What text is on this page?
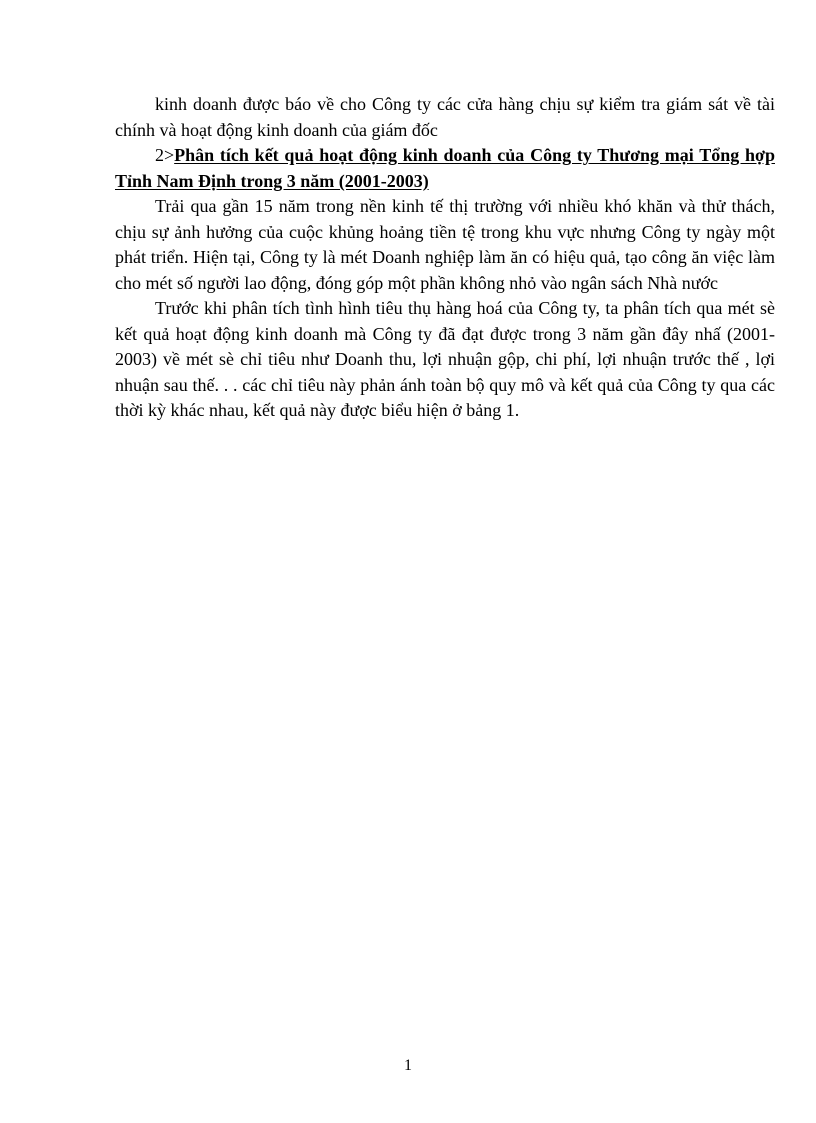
kinh doanh được báo về cho Công ty các cửa hàng chịu sự kiểm tra giám sát về tài chính và hoạt động kinh doanh của giám đốc

2>Phân tích kết quả hoạt động kinh doanh của Công ty Thương mại Tổng hợp Tỉnh Nam Định trong 3 năm (2001-2003)

Trải qua gần 15 năm trong nền kinh tế thị trường với nhiều khó khăn và thử thách, chịu sự ảnh hưởng của cuộc khủng hoảng tiền tệ trong khu vực nhưng Công ty ngày một phát triển. Hiện tại, Công ty là mét Doanh nghiệp làm ăn có hiệu quả, tạo công ăn việc làm cho mét số người lao động, đóng góp một phần không nhỏ vào ngân sách Nhà nước

Trước khi phân tích tình hình tiêu thụ hàng hoá của Công ty, ta phân tích qua mét sè kết quả hoạt động kinh doanh mà Công ty đã đạt được trong 3 năm gần đây nhấ (2001-2003) về mét sè chỉ tiêu như Doanh thu, lợi nhuận gộp, chi phí, lợi nhuận trước thế , lợi nhuận sau thế. . . các chỉ tiêu này phản ánh toàn bộ quy mô và kết quả của Công ty qua các thời kỳ khác nhau, kết quả này được biểu hiện ở bảng 1.

1
